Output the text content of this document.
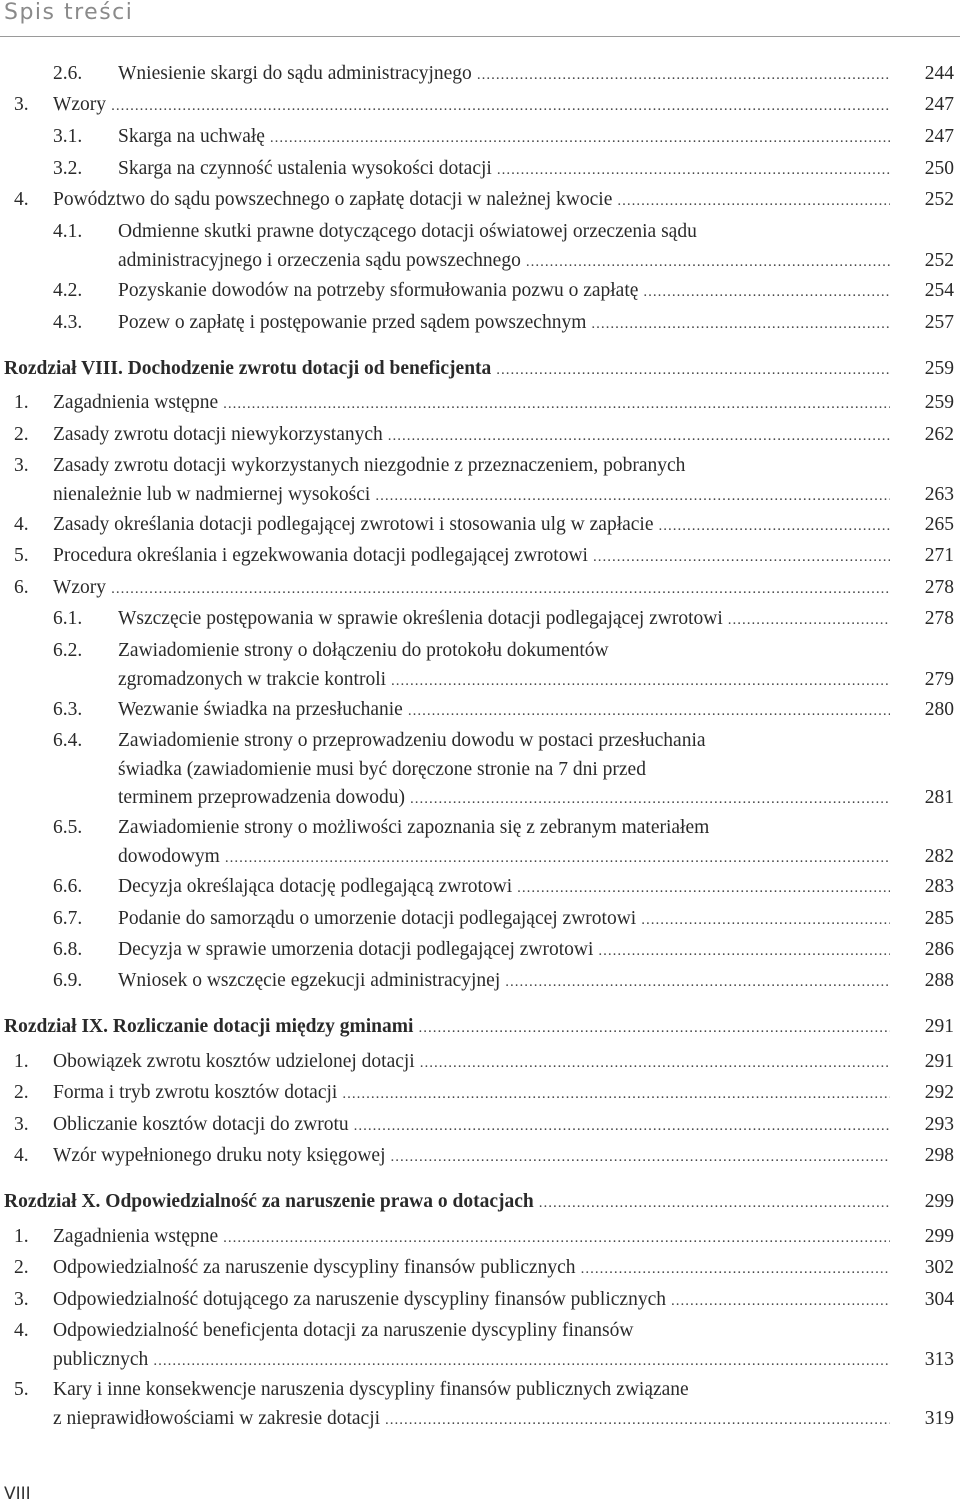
Spis treści
2.6. Wniesienie skargi do sądu administracyjnego .....	244
3. Wzory .....	247
3.1. Skarga na uchwałę .....	247
3.2. Skarga na czynność ustalenia wysokości dotacji .....	250
4. Powództwo do sądu powszechnego o zapłatę dotacji w należnej kwocie .....	252
4.1. Odmienne skutki prawne dotyczącego dotacji oświatowej orzeczenia sądu
administracyjnego i orzeczenia sądu powszechnego .....	252
4.2. Pozyskanie dowodów na potrzeby sformułowania pozwu o zapłatę .....	254
4.3. Pozew o zapłatę i postępowanie przed sądem powszechnym .....	257
Rozdział VIII. Dochodzenie zwrotu dotacji od beneficjenta .....	259
1. Zagadnienia wstępne .....	259
2. Zasady zwrotu dotacji niewykorzystanych .....	262
3. Zasady zwrotu dotacji wykorzystanych niezgodnie z przeznaczeniem, pobranych
nienależnie lub w nadmiernej wysokości .....	263
4. Zasady określania dotacji podlegającej zwrotowi i stosowania ulg w zapłacie .....	265
5. Procedura określania i egzekwowania dotacji podlegającej zwrotowi .....	271
6. Wzory .....	278
6.1. Wszczęcie postępowania w sprawie określenia dotacji podlegającej zwrotowi .....	278
6.2. Zawiadomienie strony o dołączeniu do protokołu dokumentów
zgromadzonych w trakcie kontroli .....	279
6.3. Wezwanie świadka na przesłuchanie .....	280
6.4. Zawiadomienie strony o przeprowadzeniu dowodu w postaci przesłuchania
świadka (zawiadomienie musi być doręczone stronie na 7 dni przed
terminem przeprowadzenia dowodu) .....	281
6.5. Zawiadomienie strony o możliwości zapoznania się z zebranym materiałem
dowodowym .....	282
6.6. Decyzja określająca dotację podlegającą zwrotowi .....	283
6.7. Podanie do samorządu o umorzenie dotacji podlegającej zwrotowi .....	285
6.8. Decyzja w sprawie umorzenia dotacji podlegającej zwrotowi .....	286
6.9. Wniosek o wszczęcie egzekucji administracyjnej .....	288
Rozdział IX. Rozliczanie dotacji między gminami .....	291
1. Obowiązek zwrotu kosztów udzielonej dotacji .....	291
2. Forma i tryb zwrotu kosztów dotacji .....	292
3. Obliczanie kosztów dotacji do zwrotu .....	293
4. Wzór wypełnionego druku noty księgowej .....	298
Rozdział X. Odpowiedzialność za naruszenie prawa o dotacjach .....	299
1. Zagadnienia wstępne .....	299
2. Odpowiedzialność za naruszenie dyscypliny finansów publicznych .....	302
3. Odpowiedzialność dotującego za naruszenie dyscypliny finansów publicznych .....	304
4. Odpowiedzialność beneficjenta dotacji za naruszenie dyscypliny finansów
publicznych .....	313
5. Kary i inne konsekwencje naruszenia dyscypliny finansów publicznych związane
z nieprawidłowościami w zakresie dotacji .....	319
VIII
